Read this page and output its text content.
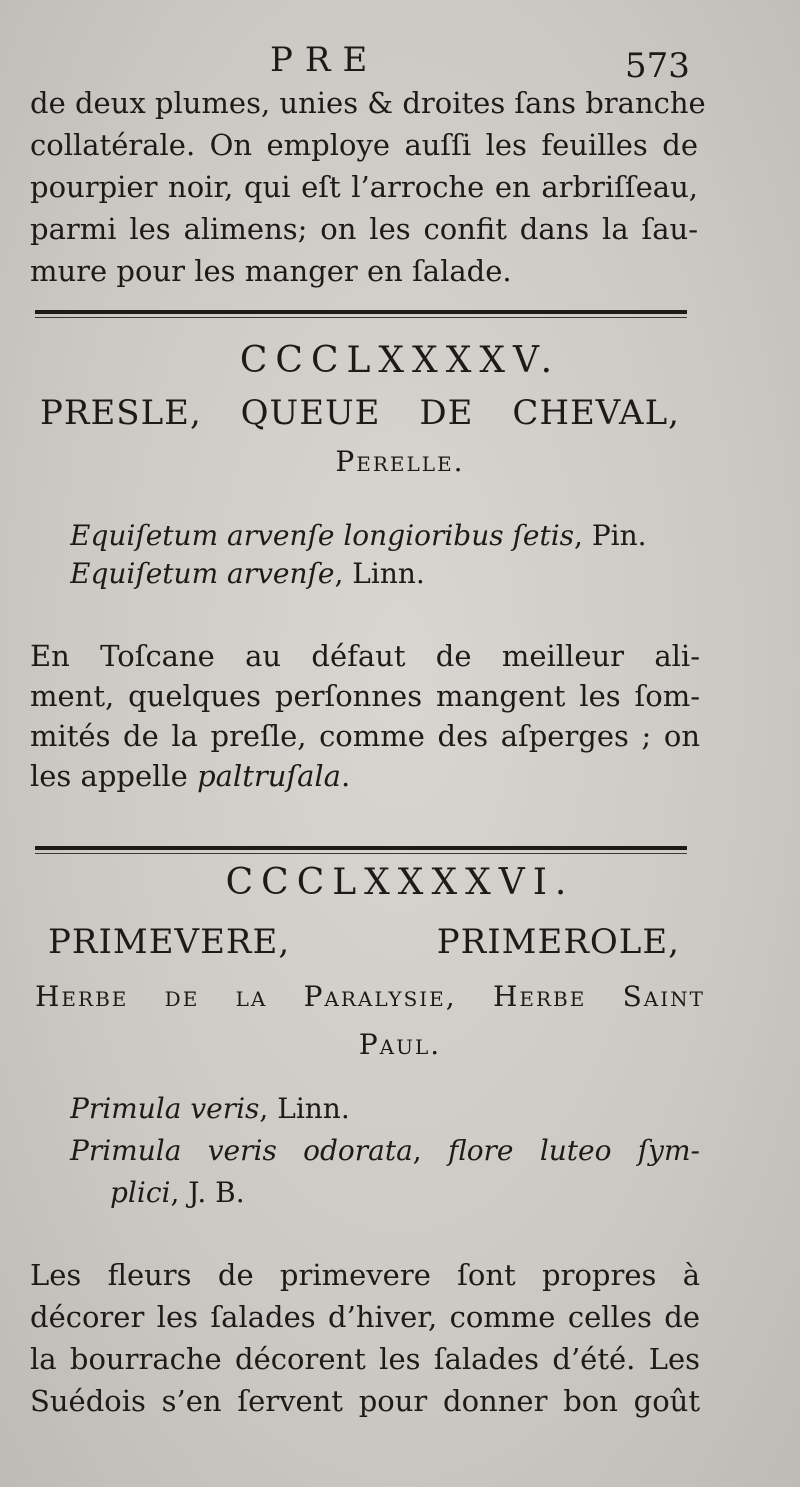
PRE	573
de deux plumes, unies & droites ſans branche
collatérale. On employe auſſi les feuilles de
pourpier noir, qui eſt l’arroche en arbriſſeau,
parmi les alimens; on les confit dans la ſau-
mure pour les manger en ſalade.
CCCLXXXXV.
PRESLE, QUEUE DE CHEVAL,
Perelle.
Equiſetum arvenſe longioribus ſetis, Pin.
Equiſetum arvenſe, Linn.
En Toſcane au défaut de meilleur ali-
ment, quelques perſonnes mangent les ſom-
mités de la preſle, comme des aſperges ; on
les appelle paltruſala.
CCCLXXXXVI.
PRIMEVERE, PRIMEROLE,
Herbe de la Paralysie, Herbe Saint
Paul.
Primula veris, Linn.
Primula veris odorata, flore luteo ſym-
plici, J. B.
Les fleurs de primevere ſont propres à
décorer les ſalades d’hiver, comme celles de
la bourrache décorent les ſalades d’été. Les
Suédois s’en ſervent pour donner bon goût
